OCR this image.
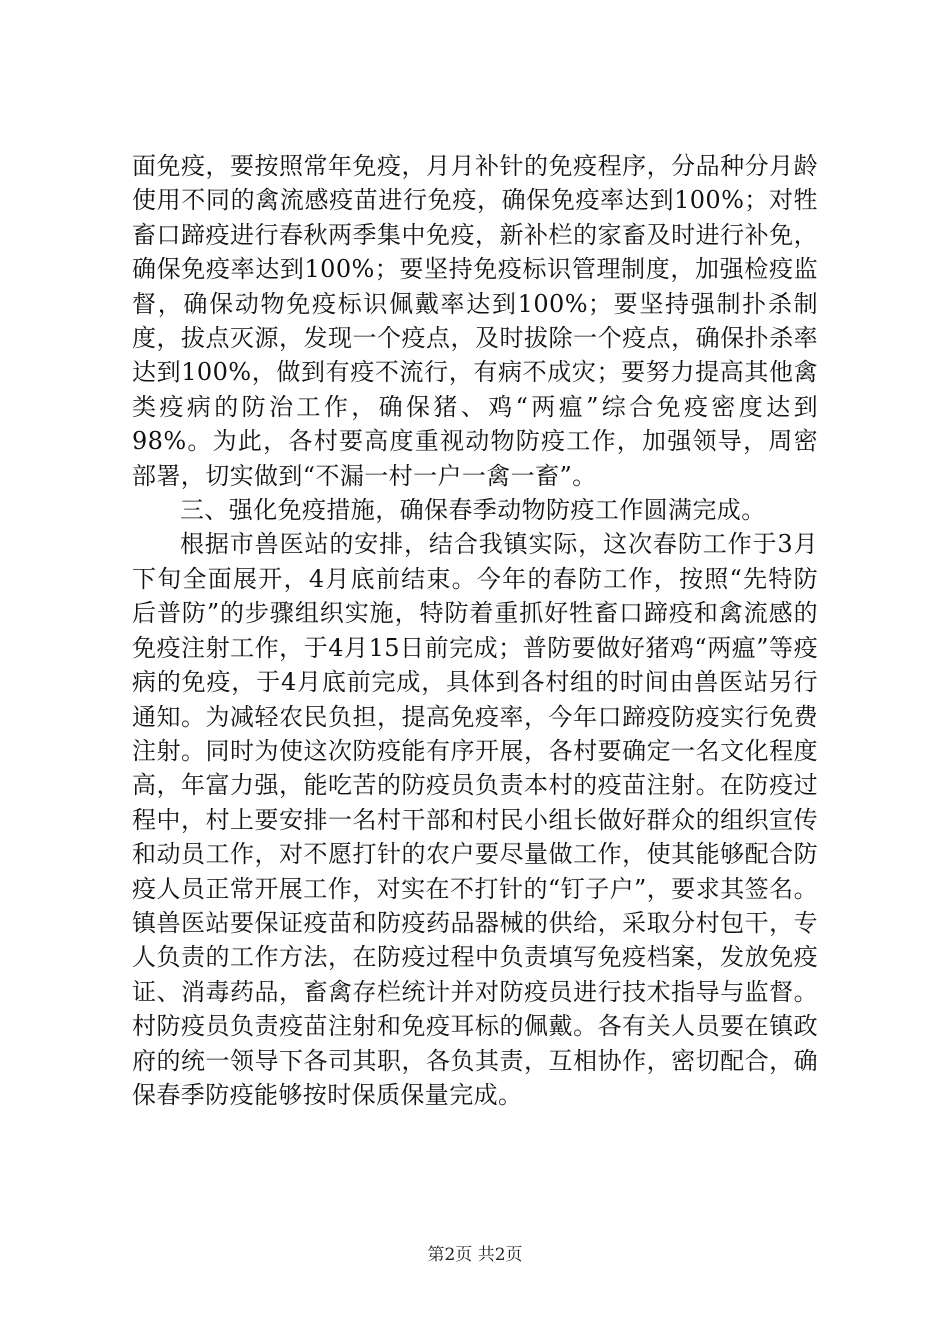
面免疫，要按照常年免疫，月月补针的免疫程序，分品种分月龄使用不同的禽流感疫苗进行免疫，确保免疫率达到100%；对牲畜口蹄疫进行春秋两季集中免疫，新补栏的家畜及时进行补免，确保免疫率达到100%；要坚持免疫标识管理制度，加强检疫监督，确保动物免疫标识佩戴率达到100%；要坚持强制扑杀制度，拔点灭源，发现一个疫点，及时拔除一个疫点，确保扑杀率达到100%，做到有疫不流行，有病不成灾；要努力提高其他禽类疫病的防治工作，确保猪、鸡“两瘟”综合免疫密度达到98%。为此，各村要高度重视动物防疫工作，加强领导，周密部署，切实做到“不漏一村一户一禽一畜”。

三、强化免疫措施，确保春季动物防疫工作圆满完成。

根据市兽医站的安排，结合我镇实际，这次春防工作于3月下旬全面展开，4月底前结束。今年的春防工作，按照“先特防后普防”的步骤组织实施，特防着重抓好牲畜口蹄疫和禽流感的免疫注射工作，于4月15日前完成；普防要做好猪鸡“两瘟”等疫病的免疫，于4月底前完成，具体到各村组的时间由兽医站另行通知。为减轻农民负担，提高免疫率，今年口蹄疫防疫实行免费注射。同时为使这次防疫能有序开展，各村要确定一名文化程度高，年富力强，能吃苦的防疫员负责本村的疫苗注射。在防疫过程中，村上要安排一名村干部和村民小组长做好群众的组织宣传和动员工作，对不愿打针的农户要尽量做工作，使其能够配合防疫人员正常开展工作，对实在不打针的“钉子户”，要求其签名。镇兽医站要保证疫苗和防疫药品器械的供给，采取分村包干，专人负责的工作方法，在防疫过程中负责填写免疫档案，发放免疫证、消毒药品，畜禽存栏统计并对防疫员进行技术指导与监督。村防疫员负责疫苗注射和免疫耳标的佩戴。各有关人员要在镇政府的统一领导下各司其职，各负其责，互相协作，密切配合，确保春季防疫能够按时保质保量完成。

第2页 共2页
